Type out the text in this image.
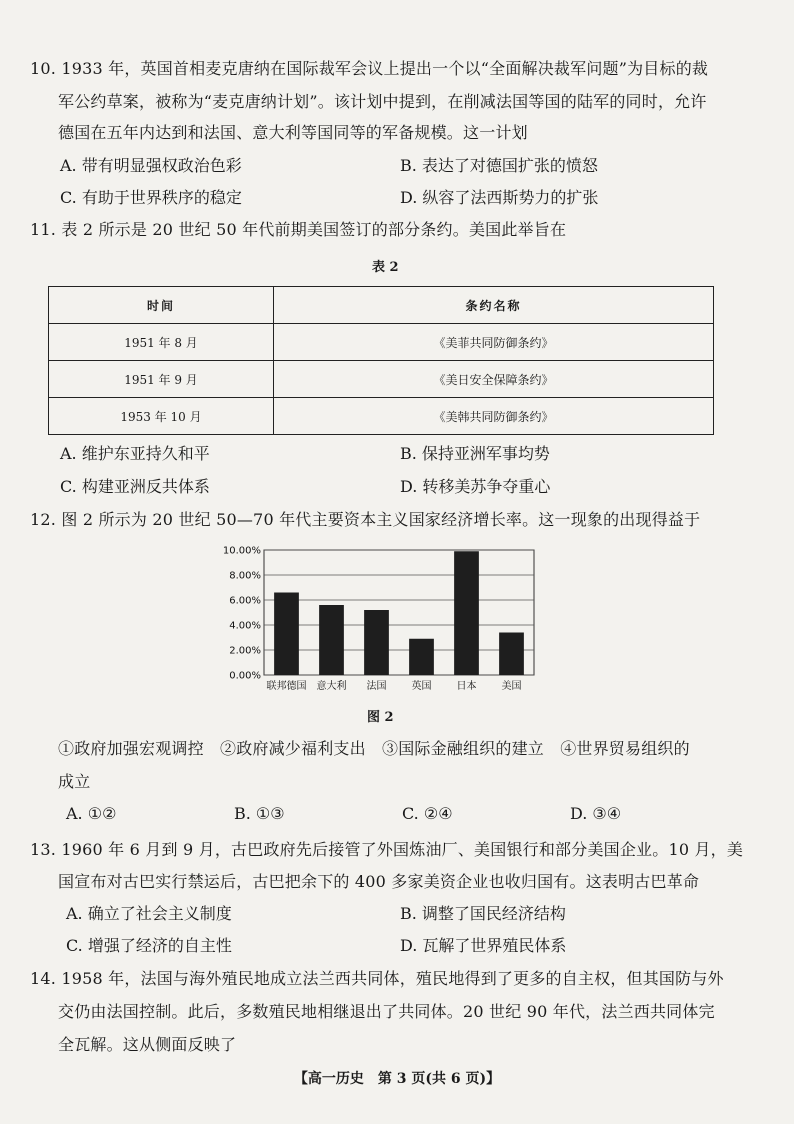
10. 1933 年，英国首相麦克唐纳在国际裁军会议上提出一个以“全面解决裁军问题”为目标的裁
军公约草案，被称为“麦克唐纳计划”。该计划中提到，在削减法国等国的陆军的同时，允许
德国在五年内达到和法国、意大利等国同等的军备规模。这一计划
A. 带有明显强权政治色彩	B. 表达了对德国扩张的愤怒
C. 有助于世界秩序的稳定	D. 纵容了法西斯势力的扩张
11. 表 2 所示是 20 世纪 50 年代前期美国签订的部分条约。美国此举旨在
表 2
时间	条约名称
1951 年 8 月	《美菲共同防御条约》
1951 年 9 月	《美日安全保障条约》
1953 年 10 月	《美韩共同防御条约》
A. 维护东亚持久和平	B. 保持亚洲军事均势
C. 构建亚洲反共体系	D. 转移美苏争夺重心
12. 图 2 所示为 20 世纪 50—70 年代主要资本主义国家经济增长率。这一现象的出现得益于
0.00%
2.00%
4.00%
6.00%
8.00%
10.00%
联邦德国 意大利 法国	英国	日本	美国
图 2
①政府加强宏观调控　②政府减少福利支出　③国际金融组织的建立　④世界贸易组织的
成立
A. ①②	B. ①③	C. ②④	D. ③④
13. 1960 年 6 月到 9 月，古巴政府先后接管了外国炼油厂、美国银行和部分美国企业。10 月，美
国宣布对古巴实行禁运后，古巴把余下的 400 多家美资企业也收归国有。这表明古巴革命
A. 确立了社会主义制度	B. 调整了国民经济结构
C. 增强了经济的自主性	D. 瓦解了世界殖民体系
14. 1958 年，法国与海外殖民地成立法兰西共同体，殖民地得到了更多的自主权，但其国防与外
交仍由法国控制。此后，多数殖民地相继退出了共同体。20 世纪 90 年代，法兰西共同体完
全瓦解。这从侧面反映了
【高一历史　第 3 页(共 6 页)】
